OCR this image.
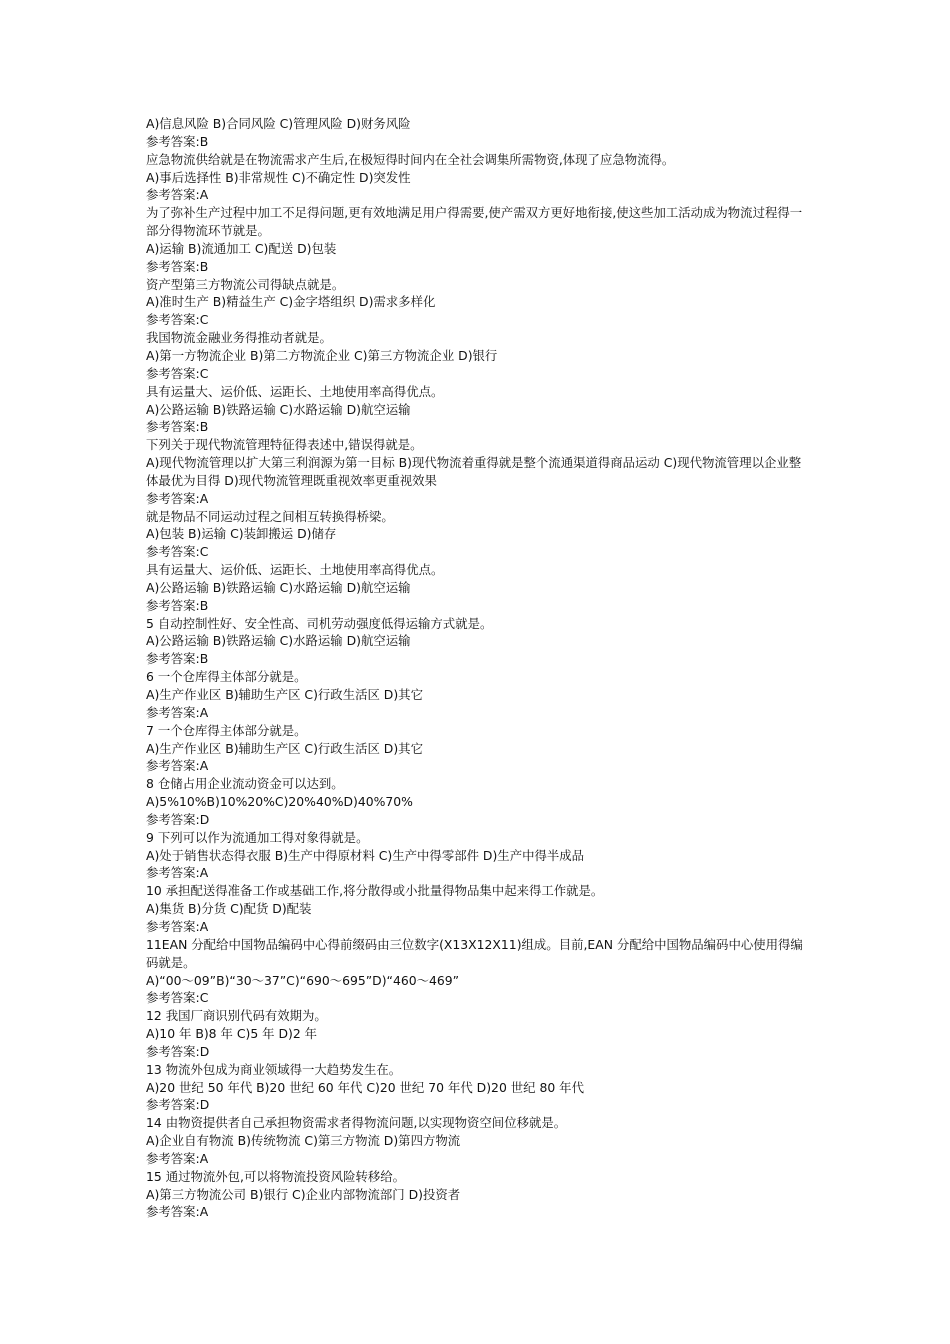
A)信息风险 B)合同风险 C)管理风险 D)财务风险
参考答案:B
应急物流供给就是在物流需求产生后,在极短得时间内在全社会调集所需物资,体现了应急物流得。
A)事后选择性 B)非常规性 C)不确定性 D)突发性
参考答案:A
为了弥补生产过程中加工不足得问题,更有效地满足用户得需要,使产需双方更好地衔接,使这些加工活动成为物流过程得一部分得物流环节就是。
A)运输 B)流通加工 C)配送 D)包装
参考答案:B
资产型第三方物流公司得缺点就是。
A)准时生产 B)精益生产 C)金字塔组织 D)需求多样化
参考答案:C
我国物流金融业务得推动者就是。
A)第一方物流企业 B)第二方物流企业 C)第三方物流企业 D)银行
参考答案:C
具有运量大、运价低、运距长、土地使用率高得优点。
A)公路运输 B)铁路运输 C)水路运输 D)航空运输
参考答案:B
下列关于现代物流管理特征得表述中,错误得就是。
A)现代物流管理以扩大第三利润源为第一目标 B)现代物流着重得就是整个流通渠道得商品运动 C)现代物流管理以企业整体最优为目得 D)现代物流管理既重视效率更重视效果
参考答案:A
就是物品不同运动过程之间相互转换得桥梁。
A)包装 B)运输 C)装卸搬运 D)储存
参考答案:C
具有运量大、运价低、运距长、土地使用率高得优点。
A)公路运输 B)铁路运输 C)水路运输 D)航空运输
参考答案:B
5 自动控制性好、安全性高、司机劳动强度低得运输方式就是。
A)公路运输 B)铁路运输 C)水路运输 D)航空运输
参考答案:B
6 一个仓库得主体部分就是。
A)生产作业区 B)辅助生产区 C)行政生活区 D)其它
参考答案:A
7 一个仓库得主体部分就是。
A)生产作业区 B)辅助生产区 C)行政生活区 D)其它
参考答案:A
8 仓储占用企业流动资金可以达到。
A)5%10%B)10%20%C)20%40%D)40%70%
参考答案:D
9 下列可以作为流通加工得对象得就是。
A)处于销售状态得衣服 B)生产中得原材料 C)生产中得零部件 D)生产中得半成品
参考答案:A
10 承担配送得准备工作或基础工作,将分散得或小批量得物品集中起来得工作就是。
A)集货 B)分货 C)配货 D)配装
参考答案:A
11EAN 分配给中国物品编码中心得前缀码由三位数字(X13X12X11)组成。目前,EAN 分配给中国物品编码中心使用得编码就是。
A)“00～09”B)“30～37”C)“690～695”D)“460～469”
参考答案:C
12 我国厂商识别代码有效期为。
A)10 年 B)8 年 C)5 年 D)2 年
参考答案:D
13 物流外包成为商业领域得一大趋势发生在。
A)20 世纪 50 年代 B)20 世纪 60 年代 C)20 世纪 70 年代 D)20 世纪 80 年代
参考答案:D
14 由物资提供者自己承担物资需求者得物流问题,以实现物资空间位移就是。
A)企业自有物流 B)传统物流 C)第三方物流 D)第四方物流
参考答案:A
15 通过物流外包,可以将物流投资风险转移给。
A)第三方物流公司 B)银行 C)企业内部物流部门 D)投资者
参考答案:A
